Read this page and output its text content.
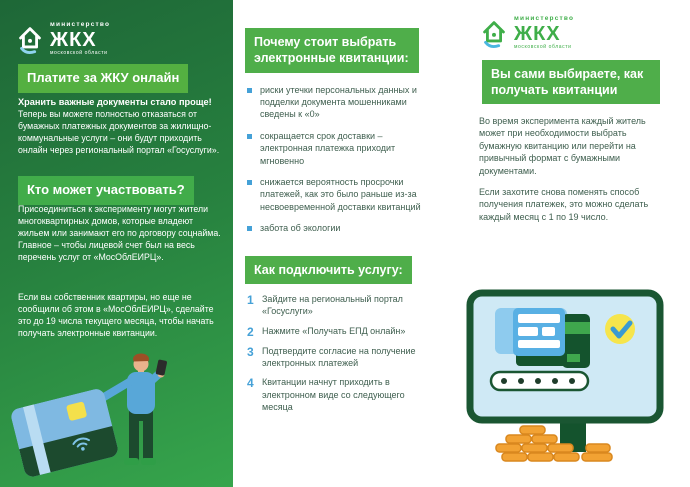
министерство
ЖКХ
московской области
Платите за ЖКУ онлайн
Хранить важные документы стало проще!
Теперь вы можете полностью отказаться от бумажных платежных документов за жилищно-коммунальные услуги – они будут приходить онлайн через региональный портал «Госуслуги».
Кто может участвовать?
Присоединиться к эксперименту могут жители многоквартирных домов, которые владеют жильем или занимают его по договору соцнайма. Главное – чтобы лицевой счет был на весь перечень услуг от «МосОблЕИРЦ».
Если вы собственник квартиры, но еще не сообщили об этом в «МосОблЕИРЦ», сделайте это до 19 числа текущего месяца, чтобы начать получать электронные квитанции.
Почему стоит выбрать электронные квитанции:
риски утечки персональных данных и подделки документа мошенниками сведены к «0»
сокращается срок доставки – электронная платежка приходит мгновенно
снижается вероятность просрочки платежей, как это было раньше из-за несвоевременной доставки квитанций
забота об экологии
Как подключить услугу:
1 Зайдите на региональный портал «Госуслуги»
2 Нажмите «Получать ЕПД онлайн»
3 Подтвердите согласие на получение электронных платежей
4 Квитанции начнут приходить в электронном виде со следующего месяца
министерство
ЖКХ
московской области
Вы сами выбираете, как получать квитанции
Во время эксперимента каждый житель может при необходимости выбрать бумажную квитанцию или перейти на привычный формат с бумажными документами.
Если захотите снова поменять способ получения платежек, это можно сделать каждый месяц с 1 по 19 число.
